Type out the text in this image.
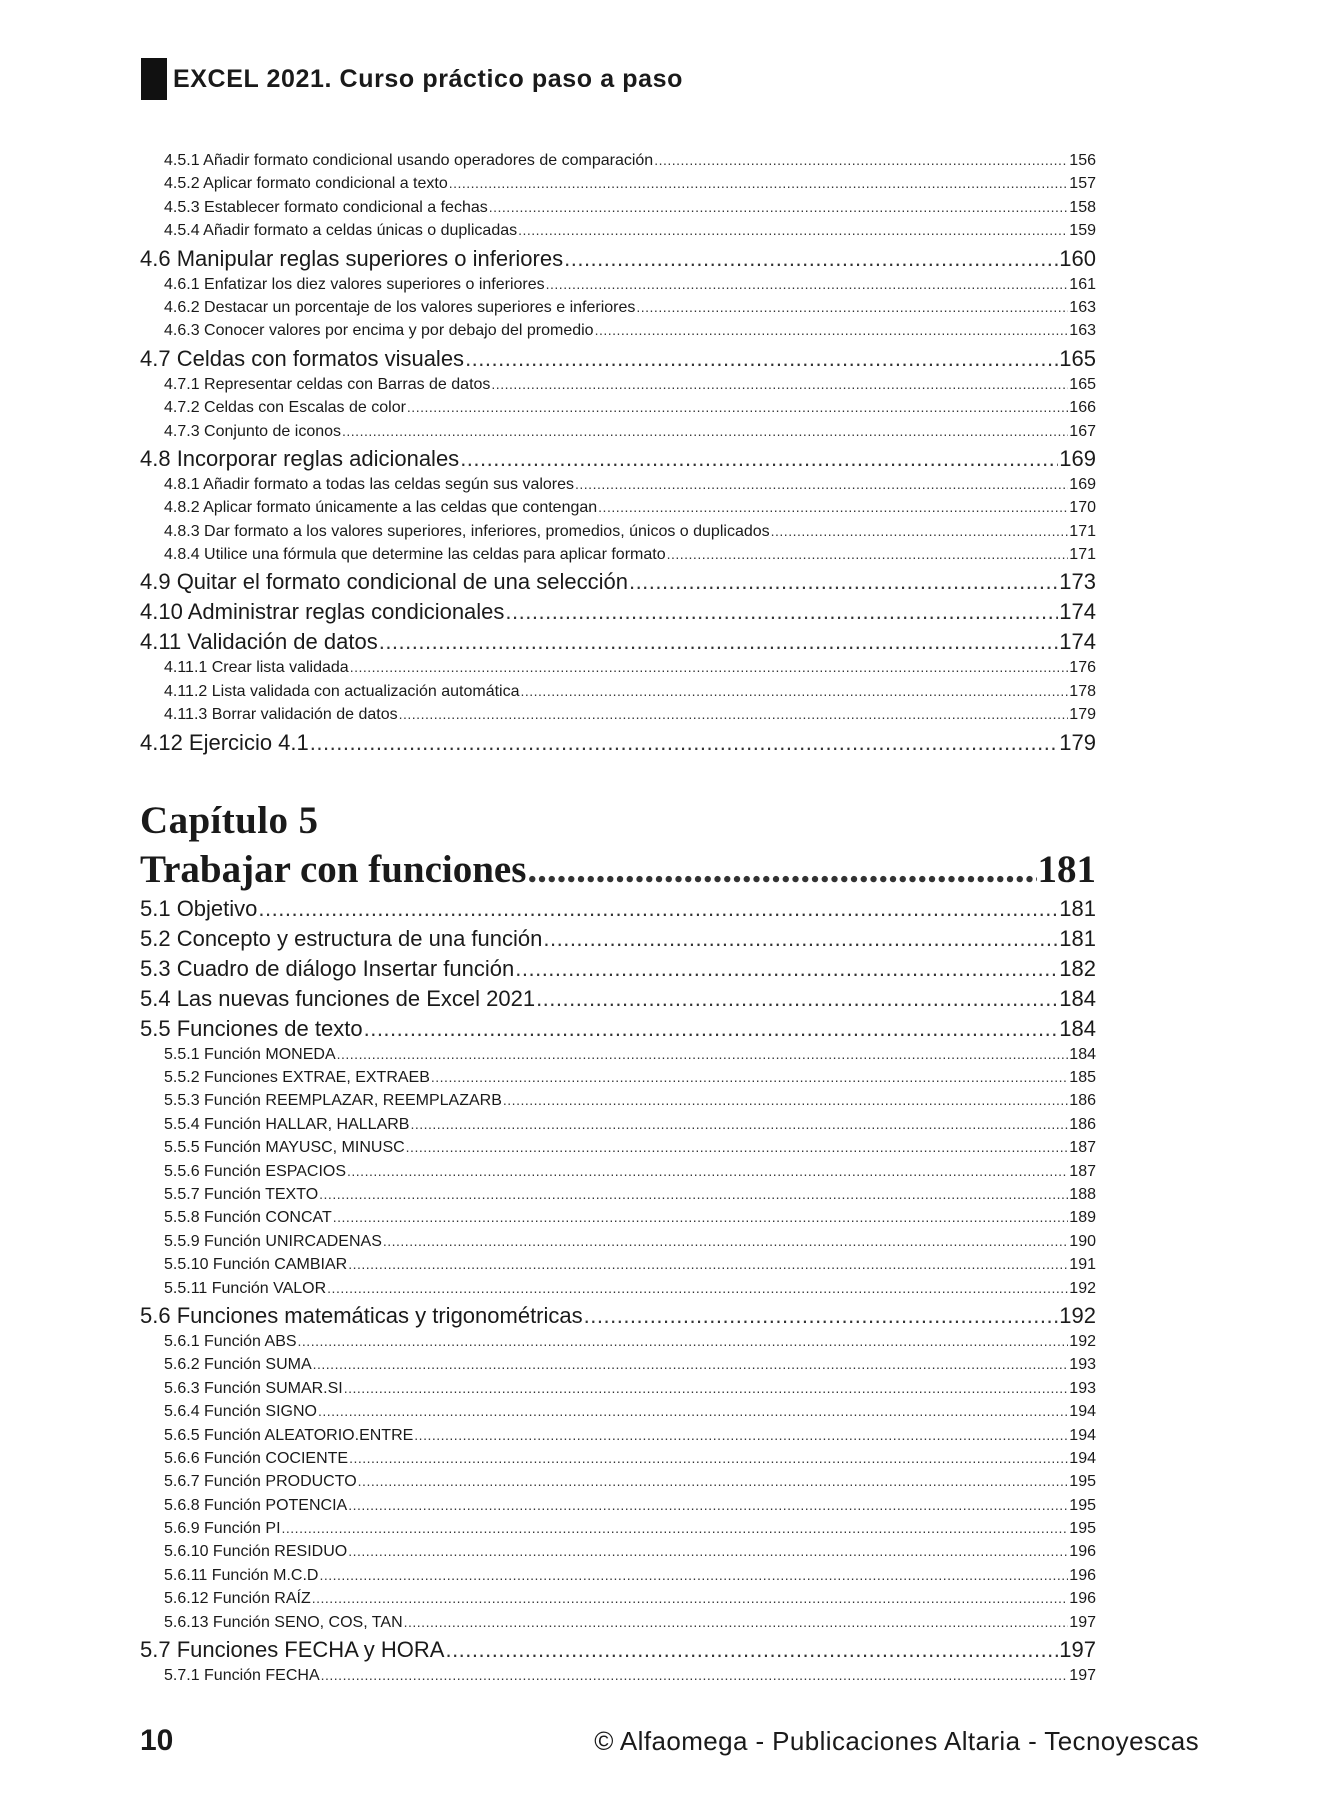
EXCEL 2021. Curso práctico paso a paso
4.5.1 Añadir formato condicional usando operadores de comparación .....	156
4.5.2 Aplicar formato condicional a texto .....	157
4.5.3 Establecer formato condicional a fechas .....	158
4.5.4 Añadir formato a celdas únicas o duplicadas .....	159
4.6 Manipular reglas superiores o inferiores .....	160
4.6.1 Enfatizar los diez valores superiores o inferiores .....	161
4.6.2 Destacar un porcentaje de los valores superiores e inferiores .....	163
4.6.3 Conocer valores por encima y por debajo del promedio .....	163
4.7 Celdas con formatos visuales .....	165
4.7.1 Representar celdas con Barras de datos .....	165
4.7.2 Celdas con Escalas de color .....	166
4.7.3 Conjunto de iconos .....	167
4.8 Incorporar reglas adicionales .....	169
4.8.1 Añadir formato a todas las celdas según sus valores .....	169
4.8.2 Aplicar formato únicamente a las celdas que contengan .....	170
4.8.3 Dar formato a los valores superiores, inferiores, promedios, únicos o duplicados .....	171
4.8.4 Utilice una fórmula que determine las celdas para aplicar formato .....	171
4.9 Quitar el formato condicional de una selección .....	173
4.10 Administrar reglas condicionales .....	174
4.11 Validación de datos .....	174
4.11.1 Crear lista validada .....	176
4.11.2 Lista validada con actualización automática .....	178
4.11.3 Borrar validación de datos .....	179
4.12 Ejercicio 4.1 .....	179
Capítulo 5
Trabajar con funciones .....	181
5.1 Objetivo .....	181
5.2 Concepto y estructura de una función .....	181
5.3 Cuadro de diálogo Insertar función .....	182
5.4 Las nuevas funciones de Excel 2021 .....	184
5.5 Funciones de texto .....	184
5.5.1 Función MONEDA .....	184
5.5.2 Funciones EXTRAE, EXTRAEB .....	185
5.5.3 Función REEMPLAZAR, REEMPLAZARB .....	186
5.5.4 Función HALLAR, HALLARB .....	186
5.5.5 Función MAYUSC, MINUSC .....	187
5.5.6 Función ESPACIOS .....	187
5.5.7 Función TEXTO .....	188
5.5.8 Función CONCAT .....	189
5.5.9 Función UNIRCADENAS .....	190
5.5.10 Función CAMBIAR .....	191
5.5.11 Función VALOR .....	192
5.6 Funciones matemáticas y trigonométricas .....	192
5.6.1 Función ABS .....	192
5.6.2 Función SUMA .....	193
5.6.3 Función SUMAR.SI .....	193
5.6.4 Función SIGNO .....	194
5.6.5 Función ALEATORIO.ENTRE .....	194
5.6.6 Función COCIENTE .....	194
5.6.7 Función PRODUCTO .....	195
5.6.8 Función POTENCIA .....	195
5.6.9 Función PI .....	195
5.6.10 Función RESIDUO .....	196
5.6.11 Función M.C.D .....	196
5.6.12 Función RAÍZ .....	196
5.6.13 Función SENO, COS, TAN .....	197
5.7 Funciones FECHA y HORA .....	197
5.7.1 Función FECHA .....	197
10	© Alfaomega - Publicaciones Altaria - Tecnoyescas
